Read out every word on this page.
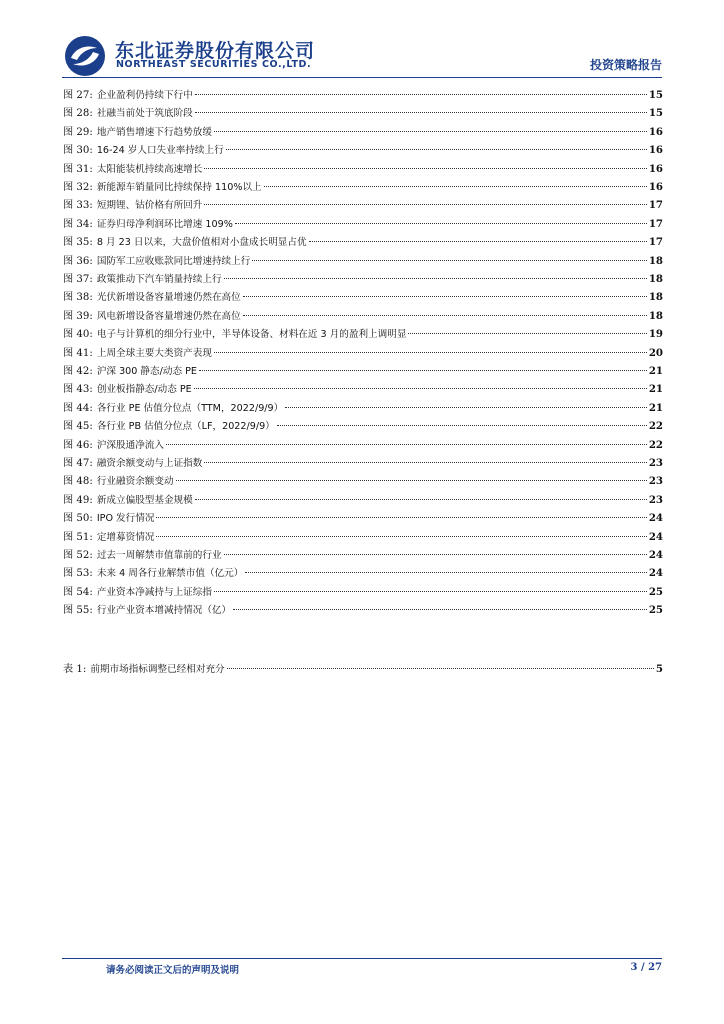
东北证券股份有限公司
NORTHEAST SECURITIES CO.,LTD.	投资策略报告
图 27: 企业盈利仍持续下行中	15
图 28: 社融当前处于筑底阶段	15
图 29: 地产销售增速下行趋势放缓	16
图 30: 16-24 岁人口失业率持续上行	16
图 31: 太阳能装机持续高速增长	16
图 32: 新能源车销量同比持续保持 110%以上	16
图 33: 短期锂、钴价格有所回升	17
图 34: 证券归母净利润环比增速 109%	17
图 35: 8 月 23 日以来，大盘价值相对小盘成长明显占优	17
图 36: 国防军工应收账款同比增速持续上行	18
图 37: 政策推动下汽车销量持续上行	18
图 38: 光伏新增设备容量增速仍然在高位	18
图 39: 风电新增设备容量增速仍然在高位	18
图 40: 电子与计算机的细分行业中，半导体设备、材料在近 3 月的盈利上调明显	19
图 41: 上周全球主要大类资产表现	20
图 42: 沪深 300 静态/动态 PE	21
图 43: 创业板指静态/动态 PE	21
图 44: 各行业 PE 估值分位点（TTM，2022/9/9）	21
图 45: 各行业 PB 估值分位点（LF，2022/9/9）	22
图 46: 沪深股通净流入	22
图 47: 融资余额变动与上证指数	23
图 48: 行业融资余额变动	23
图 49: 新成立偏股型基金规模	23
图 50: IPO 发行情况	24
图 51: 定增募资情况	24
图 52: 过去一周解禁市值靠前的行业	24
图 53: 未来 4 周各行业解禁市值（亿元）	24
图 54: 产业资本净减持与上证综指	25
图 55: 行业产业资本增减持情况（亿）	25
表 1: 前期市场指标调整已经相对充分	5
请务必阅读正文后的声明及说明	3 / 27
